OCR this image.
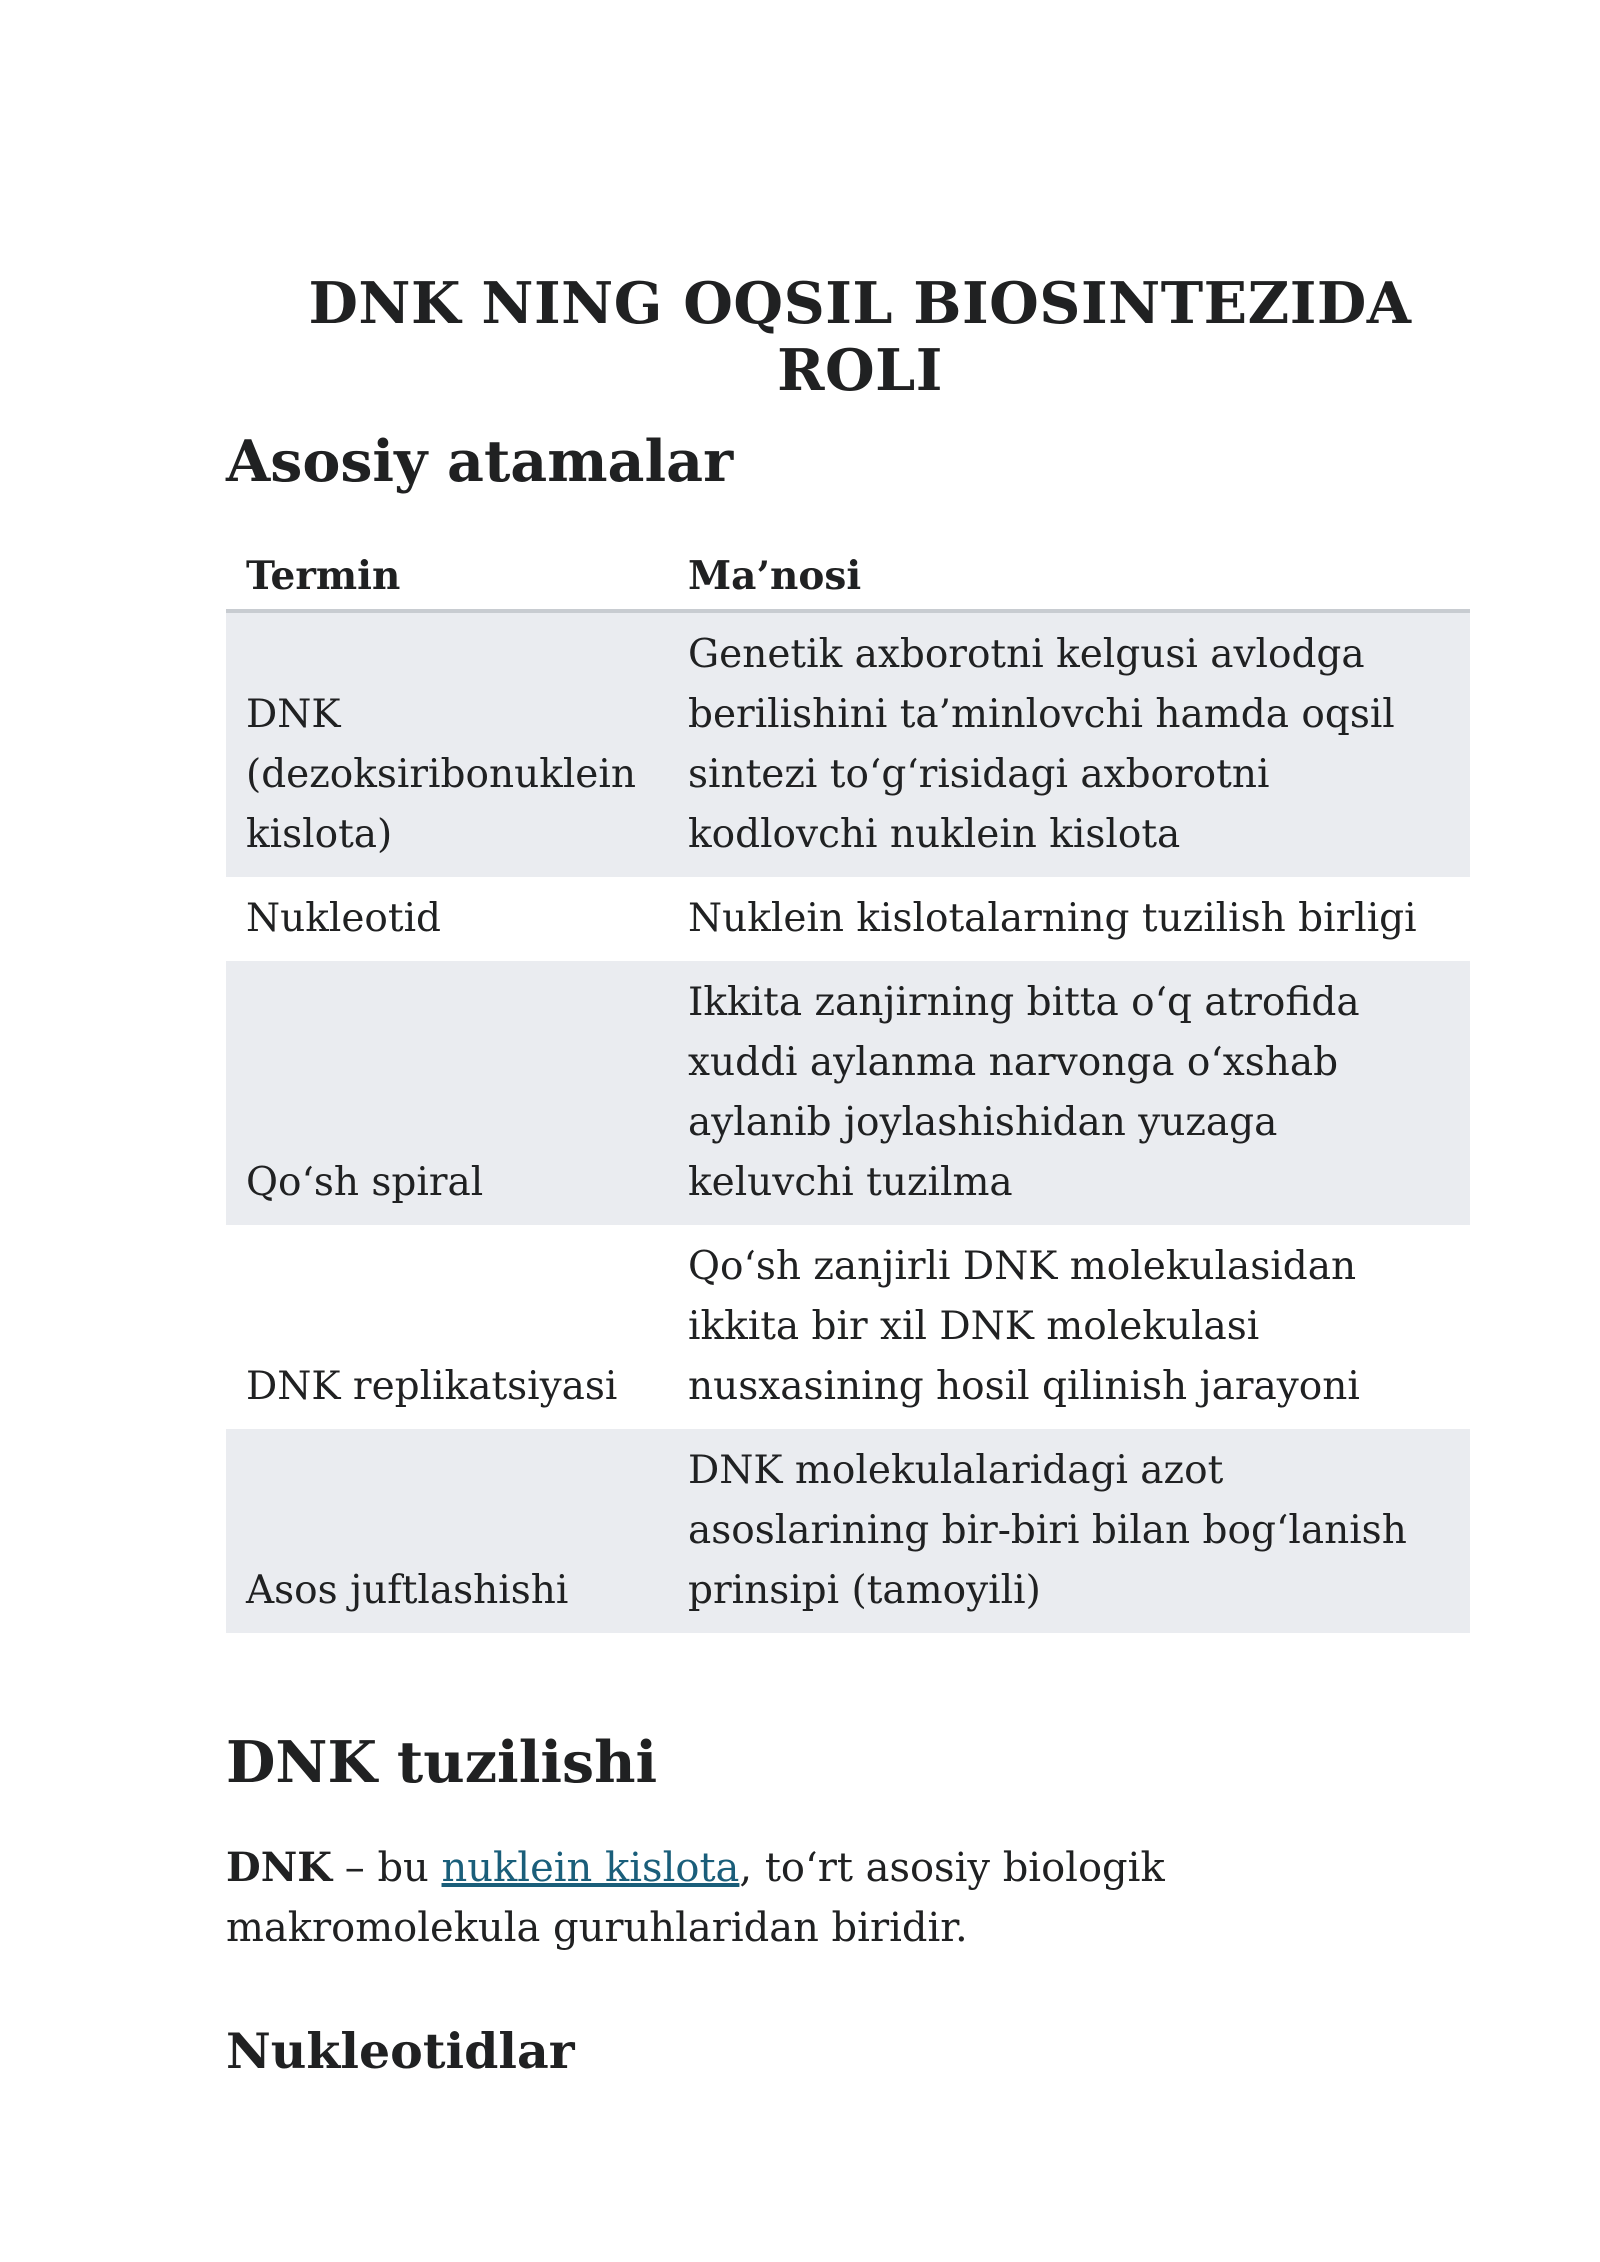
DNK NING OQSIL BIOSINTEZIDA ROLI
Asosiy atamalar
Termin	Ma’nosi
DNK (dezoksiribonuklein kislota)	Genetik axborotni kelgusi avlodga berilishini ta’minlovchi hamda oqsil sintezi to‘g‘risidagi axborotni kodlovchi nuklein kislota
Nukleotid	Nuklein kislotalarning tuzilish birligi
Qo‘sh spiral	Ikkita zanjirning bitta o‘q atrofida xuddi aylanma narvonga o‘xshab aylanib joylashishidan yuzaga keluvchi tuzilma
DNK replikatsiyasi	Qo‘sh zanjirli DNK molekulasidan ikkita bir xil DNK molekulasi nusxasining hosil qilinish jarayoni
Asos juftlashishi	DNK molekulalaridagi azot asoslarining bir-biri bilan bog‘lanish prinsipi (tamoyili)
DNK tuzilishi

DNK – bu nuklein kislota, to‘rt asosiy biologik makromolekula guruhlaridan biridir.

Nukleotidlar
